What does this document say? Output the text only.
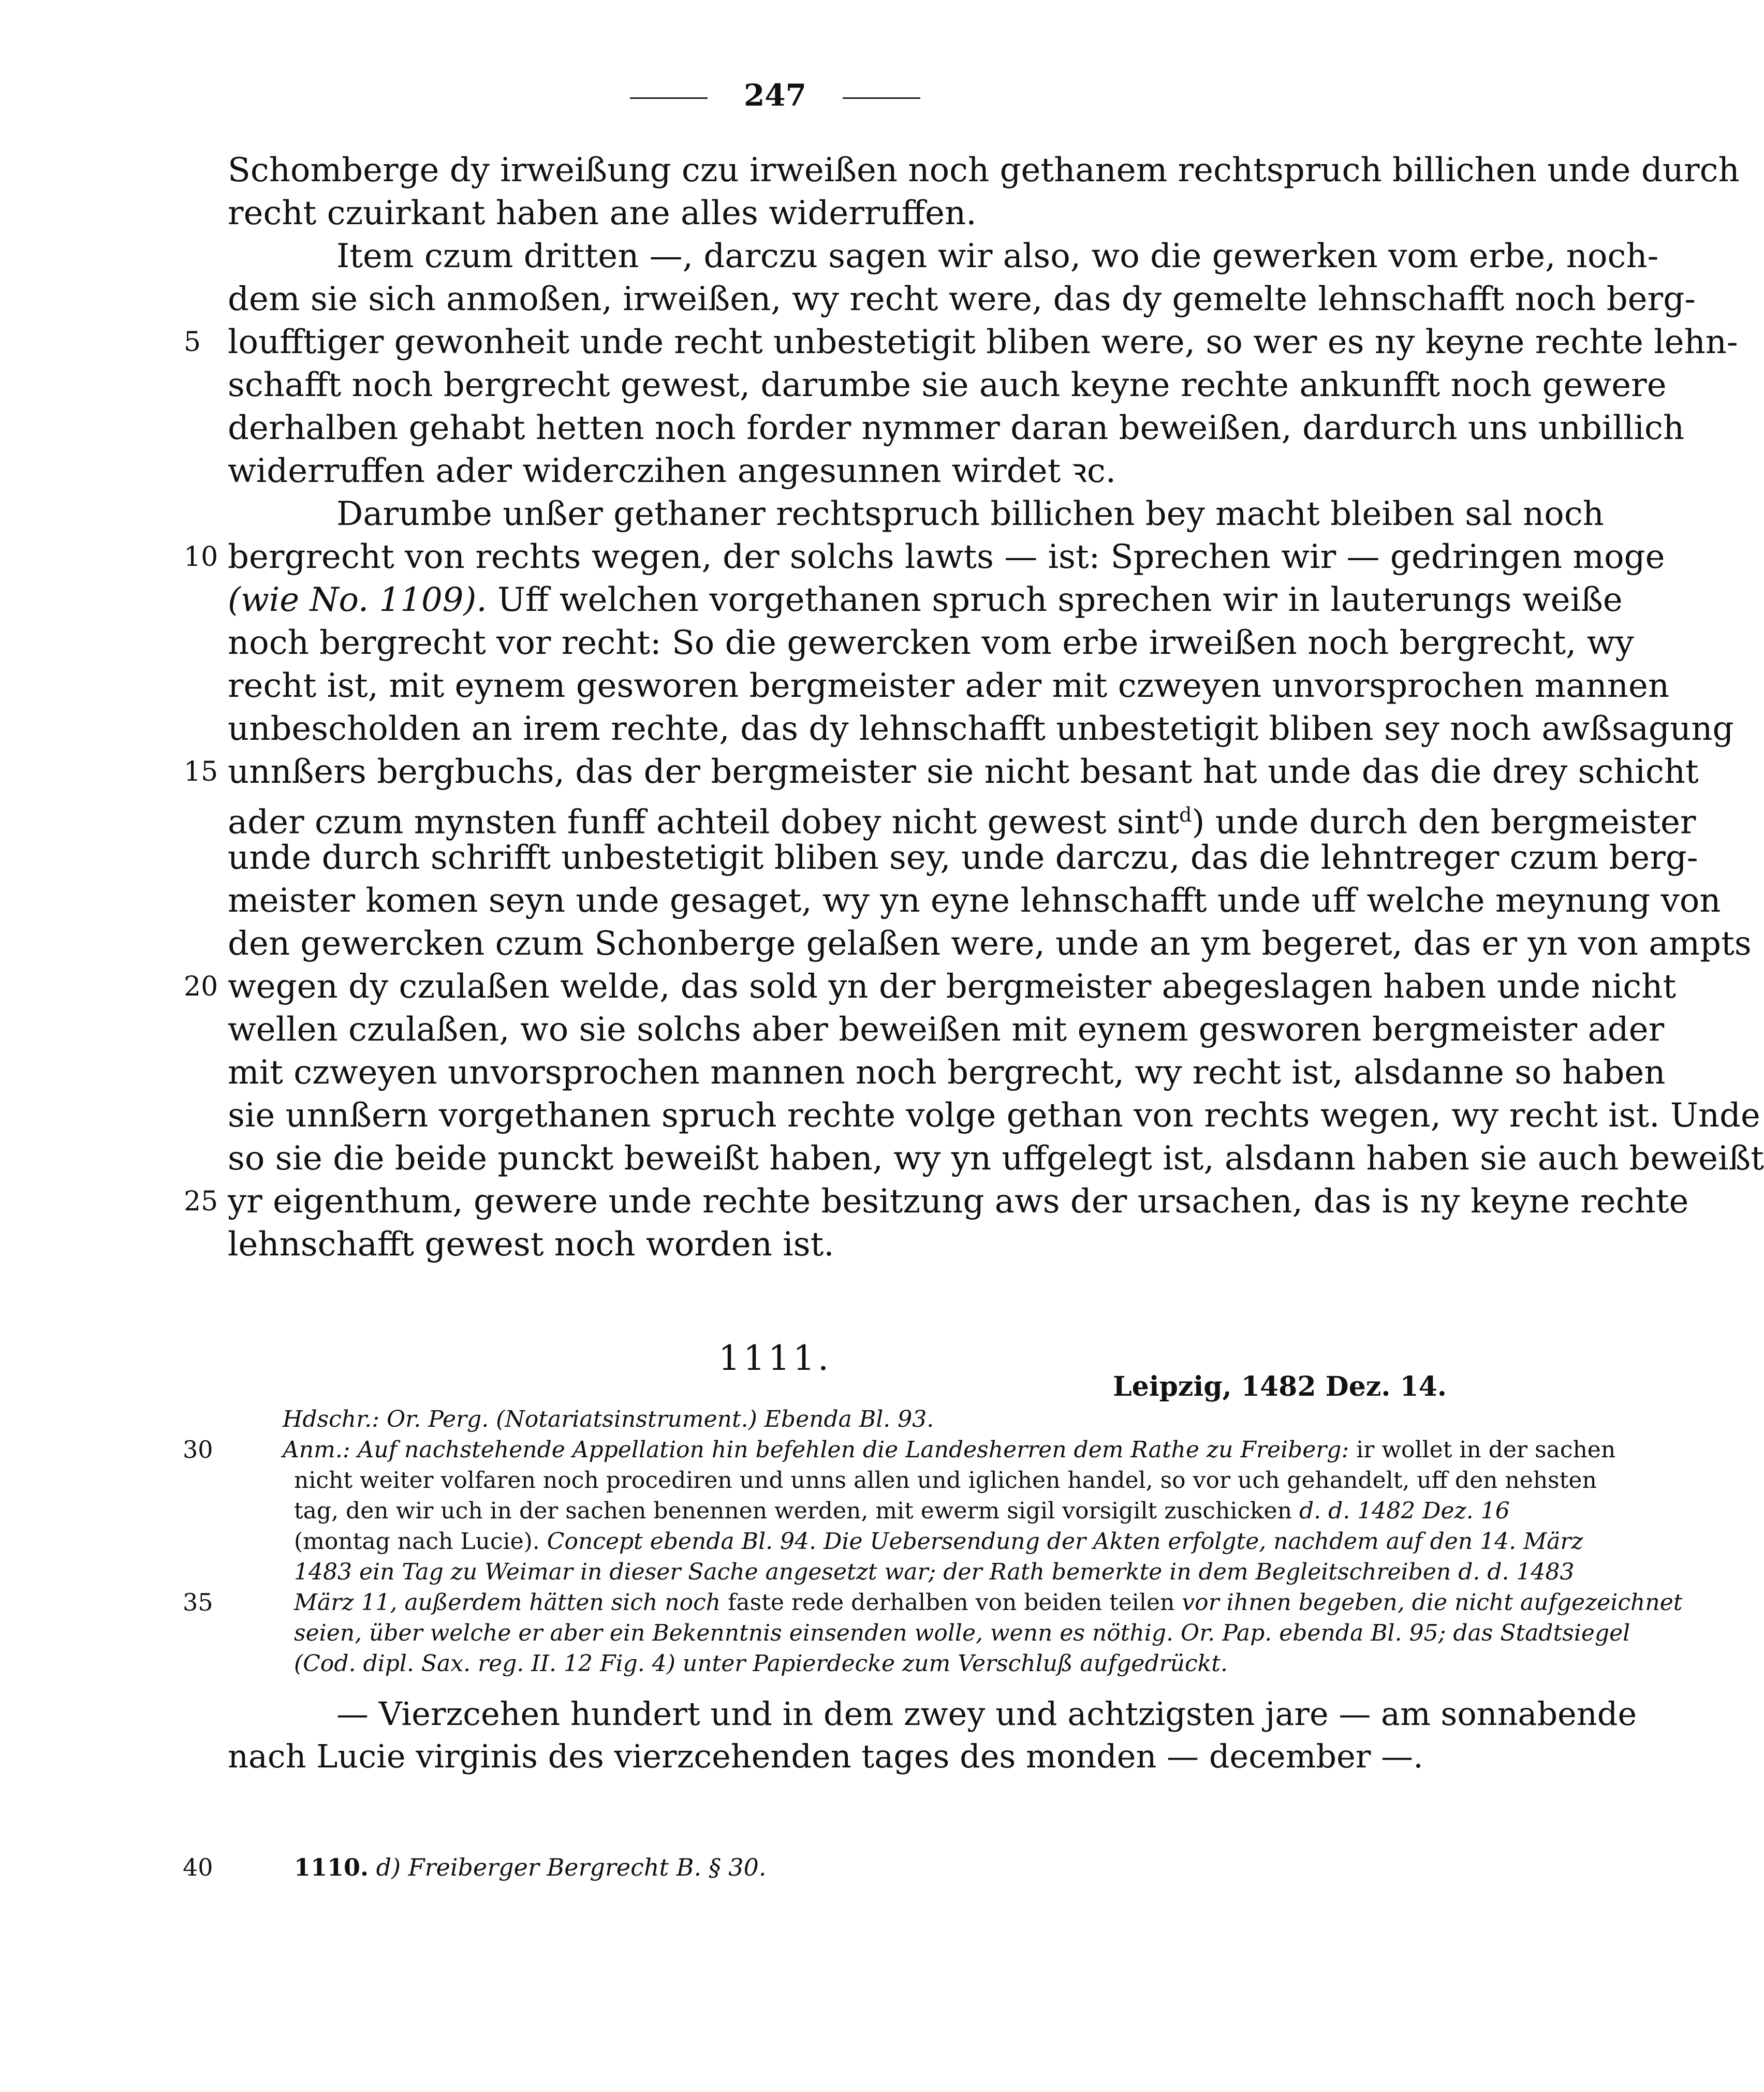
247
Schomberge dy irweißung czu irweißen noch gethanem rechtspruch billichen unde durch
recht czuirkant haben ane alles widerruffen.
Item czum dritten —, darczu sagen wir also, wo die gewerken vom erbe, noch-
dem sie sich anmoßen, irweißen, wy recht were, das dy gemelte lehnschafft noch berg-
5 loufftiger gewonheit unde recht unbestetigit bliben were, so wer es ny keyne rechte lehn-
schafft noch bergrecht gewest, darumbe sie auch keyne rechte ankunfft noch gewere
derhalben gehabt hetten noch forder nymmer daran beweißen, dardurch uns unbillich
widerruffen ader widerczihen angesunnen wirdet ꝛc.
Darumbe unßer gethaner rechtspruch billichen bey macht bleiben sal noch
10 bergrecht von rechts wegen, der solchs lawts — ist: Sprechen wir — gedringen moge
(wie No. 1109). Uff welchen vorgethanen spruch sprechen wir in lauterungs weiße
noch bergrecht vor recht: So die gewercken vom erbe irweißen noch bergrecht, wy
recht ist, mit eynem gesworen bergmeister ader mit czweyen unvorsprochen mannen
unbescholden an irem rechte, das dy lehnschafft unbestetigit bliben sey noch awßsagung
15 unnßers bergbuchs, das der bergmeister sie nicht besant hat unde das die drey schicht
ader czum mynsten funff achteil dobey nicht gewest sint$^d$) unde durch den bergmeister
unde durch schrifft unbestetigit bliben sey, unde darczu, das die lehntreger czum berg-
meister komen seyn unde gesaget, wy yn eyne lehnschafft unde uff welche meynung von
den gewercken czum Schonberge gelaßen were, unde an ym begeret, das er yn von ampts
20 wegen dy czulaßen welde, das sold yn der bergmeister abegeslagen haben unde nicht
wellen czulaßen, wo sie solchs aber beweißen mit eynem gesworen bergmeister ader
mit czweyen unvorsprochen mannen noch bergrecht, wy recht ist, alsdanne so haben
sie unnßern vorgethanen spruch rechte volge gethan von rechts wegen, wy recht ist. Unde
so sie die beide punckt beweißt haben, wy yn uffgelegt ist, alsdann haben sie auch beweißt
25 yr eigenthum, gewere unde rechte besitzung aws der ursachen, das is ny keyne rechte
lehnschafft gewest noch worden ist.
1111.
Leipzig, 1482 Dez. 14.
Hdschr.: Or. Perg. (Notariatsinstrument.) Ebenda Bl. 93.
30	Anm.: Auf nachstehende Appellation hin befehlen die Landesherren dem Rathe zu Freiberg: ir wollet in der sachen
nicht weiter volfaren noch procediren und unns allen und iglichen handel, so vor uch gehandelt, uff den nehsten
tag, den wir uch in der sachen benennen werden, mit ewerm sigil vorsigilt zuschicken d. d. 1482 Dez. 16
(montag nach Lucie). Concept ebenda Bl. 94. Die Uebersendung der Akten erfolgte, nachdem auf den 14. März
1483 ein Tag zu Weimar in dieser Sache angesetzt war; der Rath bemerkte in dem Begleitschreiben d. d. 1483
35	März 11, außerdem hätten sich noch faste rede derhalben von beiden teilen vor ihnen begeben, die nicht aufgezeichnet
seien, über welche er aber ein Bekenntnis einsenden wolle, wenn es nöthig. Or. Pap. ebenda Bl. 95; das Stadtsiegel
(Cod. dipl. Sax. reg. II. 12 Fig. 4) unter Papierdecke zum Verschluß aufgedrückt.
— Vierzcehen hundert und in dem zwey und achtzigsten jare — am sonnabende
nach Lucie virginis des vierzcehenden tages des monden — december —.
40	1110. d) Freiberger Bergrecht B. § 30.
